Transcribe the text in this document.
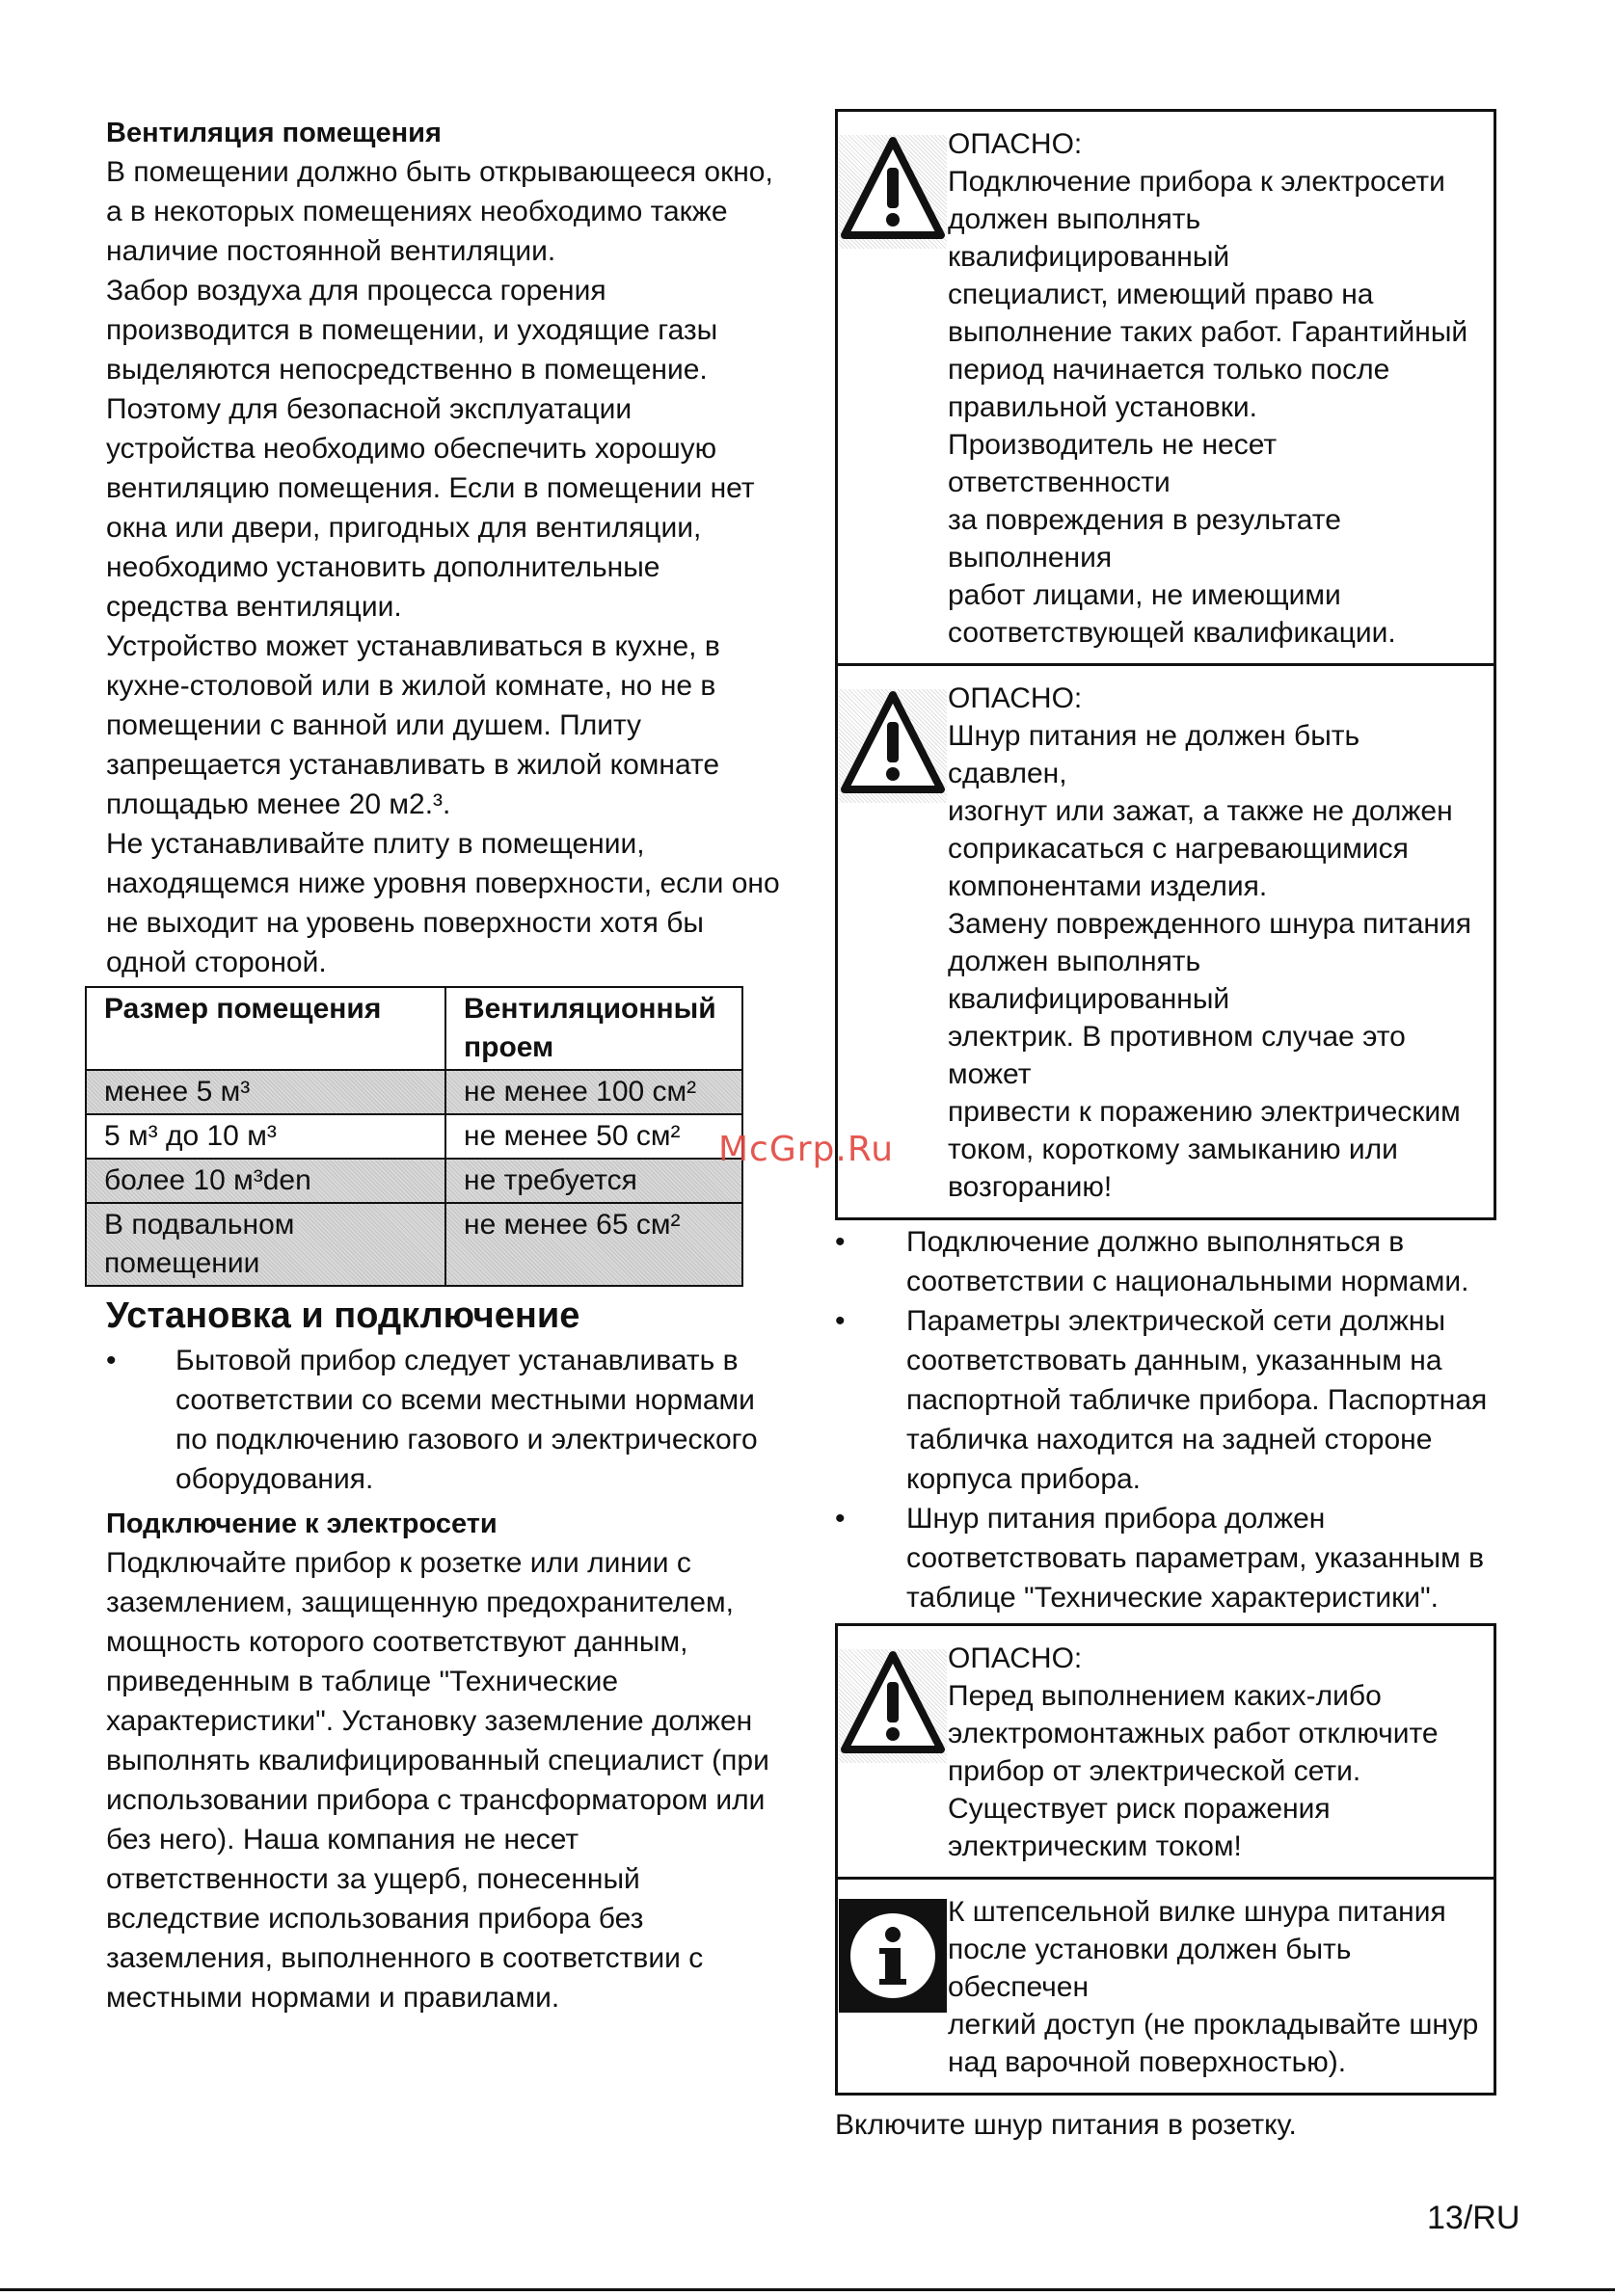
Вентиляция помещения

В помещении должно быть открывающееся окно,
а в некоторых помещениях необходимо также
наличие постоянной вентиляции.

Забор воздуха для процесса горения
производится в помещении, и уходящие газы
выделяются непосредственно в помещение.

Поэтому для безопасной эксплуатации
устройства необходимо обеспечить хорошую
вентиляцию помещения. Если в помещении нет
окна или двери, пригодных для вентиляции,
необходимо установить дополнительные
средства вентиляции.

Устройство может устанавливаться в кухне, в
кухне-столовой или в жилой комнате, но не в
помещении с ванной или душем. Плиту
запрещается устанавливать в жилой комнате
площадью менее 20 м2.³.

Не устанавливайте плиту в помещении,
находящемся ниже уровня поверхности, если оно
не выходит на уровень поверхности хотя бы
одной стороной.

Размер помещения	Вентиляционный проем
менее 5 м³	не менее 100 см²
5 м³ до 10 м³	не менее 50 см²
более 10 м³den	не требуется
В подвальном помещении	не менее 65 см²
Установка и подключение
• Бытовой прибор следует устанавливать в соответствии со всеми местными нормами по подключению газового и электрического оборудования.
Подключение к электросети

Подключайте прибор к розетке или линии с
заземлением, защищенную предохранителем,
мощность которого соответствуют данным,
приведенным в таблице "Технические
характеристики". Установку заземление должен
выполнять квалифицированный специалист (при
использовании прибора с трансформатором или
без него). Наша компания не несет
ответственности за ущерб, понесенный
вследствие использования прибора без
заземления, выполненного в соответствии с
местными нормами и правилами.

ОПАСНО:

Подключение прибора к электросети
должен выполнять квалифицированный
специалист, имеющий право на
выполнение таких работ. Гарантийный
период начинается только после
правильной установки.

Производитель не несет ответственности
за повреждения в результате выполнения
работ лицами, не имеющими
соответствующей квалификации.

ОПАСНО:

Шнур питания не должен быть сдавлен,
изогнут или зажат, а также не должен
соприкасаться с нагревающимися
компонентами изделия.

Замену поврежденного шнура питания
должен выполнять квалифицированный
электрик. В противном случае это может
привести к поражению электрическим
током, короткому замыканию или
возгоранию!

• Подключение должно выполняться в соответствии с национальными нормами.
• Параметры электрической сети должны соответствовать данным, указанным на паспортной табличке прибора. Паспортная табличка находится на задней стороне корпуса прибора.
• Шнур питания прибора должен соответствовать параметрам, указанным в таблице "Технические характеристики".

ОПАСНО:

Перед выполнением каких-либо
электромонтажных работ отключите
прибор от электрической сети.
Существует риск поражения
электрическим током!

К штепсельной вилке шнура питания
после установки должен быть обеспечен
легкий доступ (не прокладывайте шнур
над варочной поверхностью).

Включите шнур питания в розетку.

McGrp.Ru
13/RU
